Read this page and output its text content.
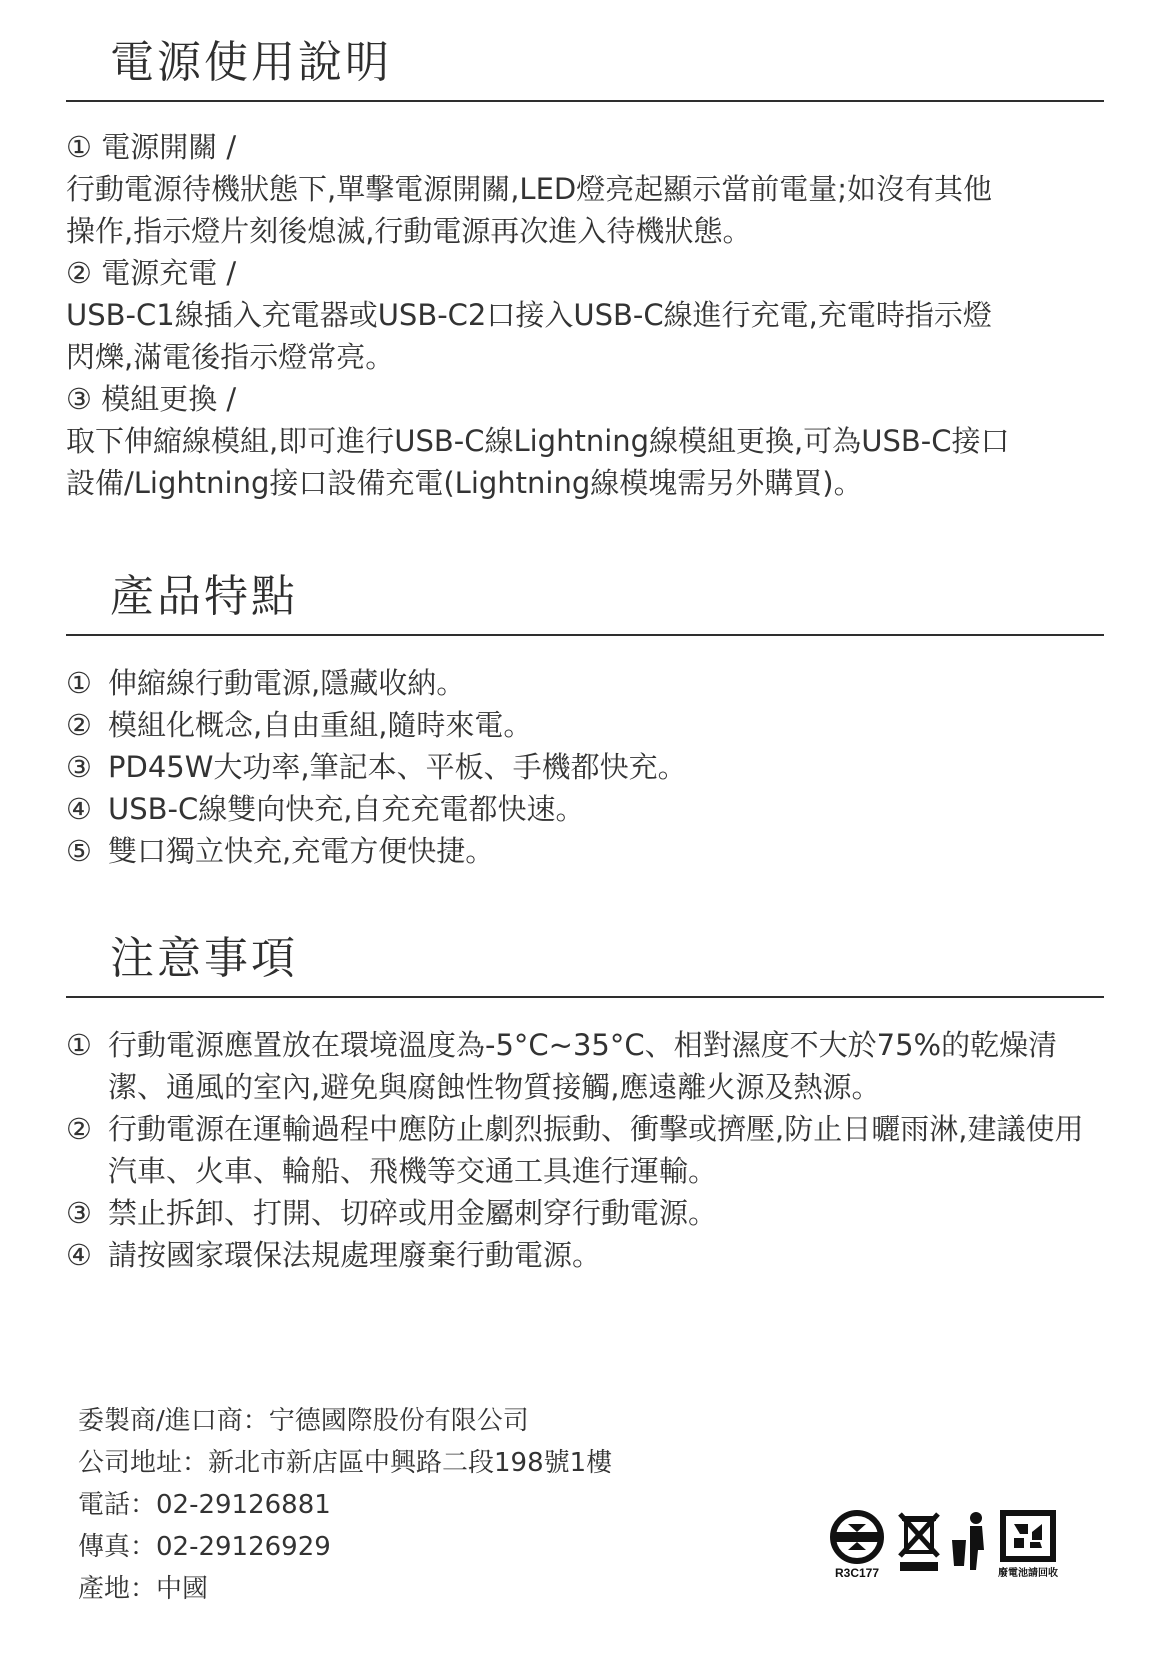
電源使用說明
① 電源開關 /
行動電源待機狀態下,單擊電源開關,LED燈亮起顯示當前電量;如沒有其他
操作,指示燈片刻後熄滅,行動電源再次進入待機狀態。
② 電源充電 /
USB-C1線插入充電器或USB-C2口接入USB-C線進行充電,充電時指示燈
閃爍,滿電後指示燈常亮。
③ 模組更換 /
取下伸縮線模組,即可進行USB-C線Lightning線模組更換,可為USB-C接口
設備/Lightning接口設備充電(Lightning線模塊需另外購買)。
產品特點
① 伸縮線行動電源,隱藏收納。
② 模組化概念,自由重組,隨時來電。
③ PD45W大功率,筆記本、平板、手機都快充。
④ USB-C線雙向快充,自充充電都快速。
⑤ 雙口獨立快充,充電方便快捷。
注意事項
① 行動電源應置放在環境溫度為-5°C~35°C、相對濕度不大於75%的乾燥清潔、通風的室內,避免與腐蝕性物質接觸,應遠離火源及熱源。
② 行動電源在運輸過程中應防止劇烈振動、衝擊或擠壓,防止日曬雨淋,建議使用汽車、火車、輪船、飛機等交通工具進行運輸。
③ 禁止拆卸、打開、切碎或用金屬刺穿行動電源。
④ 請按國家環保法規處理廢棄行動電源。
委製商/進口商：宁德國際股份有限公司
公司地址：新北市新店區中興路二段198號1樓
電話：02-29126881
傳真：02-29126929
產地：中國
R3C177	廢電池請回收
